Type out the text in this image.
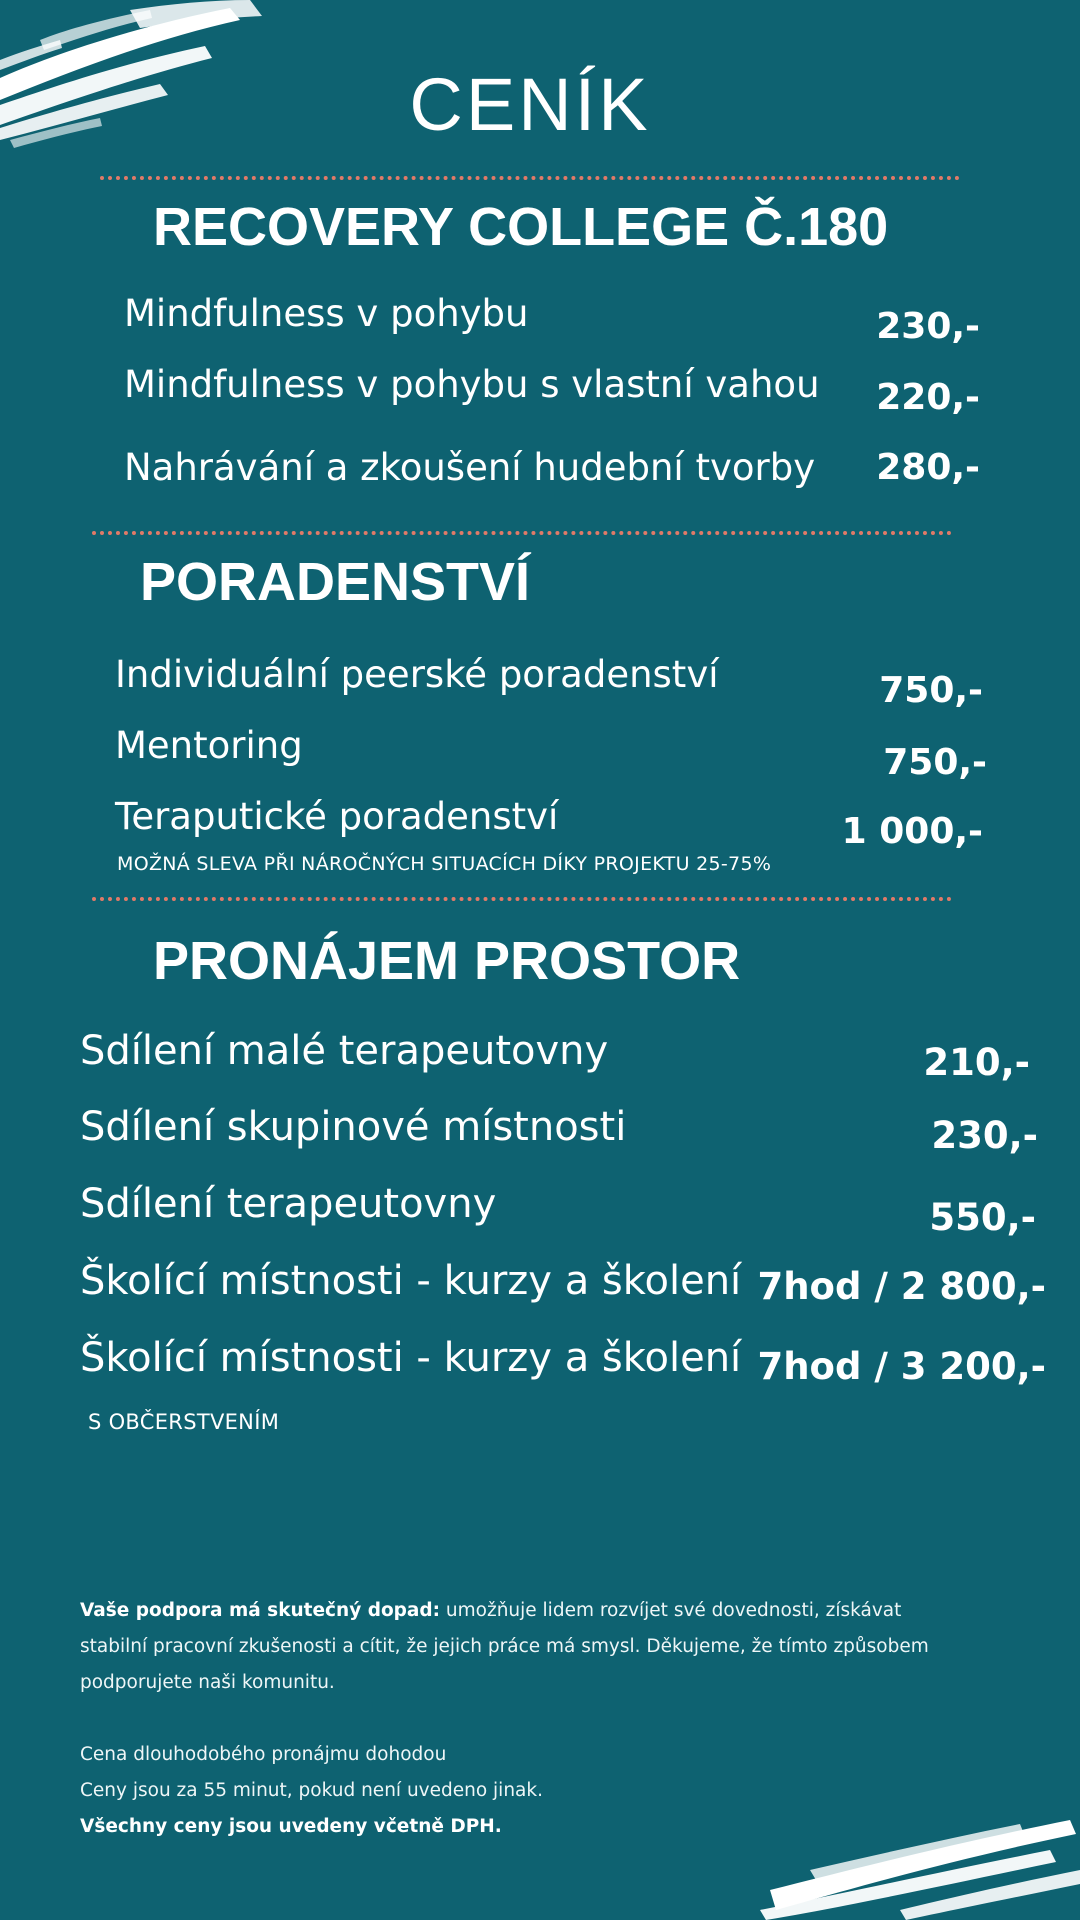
CENÍK
RECOVERY COLLEGE Č.180
Mindfulness v pohybu	230,-
Mindfulness v pohybu s vlastní vahou 220,-
Nahrávání a zkoušení hudební tvorby 280,-
PORADENSTVÍ
Individuální peerské poradenství	750,-
Mentoring	750,-
Teraputické poradenství	1 000,-
MOŽNÁ SLEVA PŘI NÁROČNÝCH SITUACÍCH DÍKY PROJEKTU 25-75%
PRONÁJEM PROSTOR
Sdílení malé terapeutovny	210,-
Sdílení skupinové místnosti	230,-
Sdílení terapeutovny	550,-
Školící místnosti - kurzy a školení 7hod / 2 800,-
Školící místnosti - kurzy a školení 7hod / 3 200,-
S OBČERSTVENÍM
Vaše podpora má skutečný dopad: umožňuje lidem rozvíjet své dovednosti, získávat stabilní pracovní zkušenosti a cítit, že jejich práce má smysl. Děkujeme, že tímto způsobem podporujete naši komunitu.
Cena dlouhodobého pronájmu dohodou
Ceny jsou za 55 minut, pokud není uvedeno jinak.
Všechny ceny jsou uvedeny včetně DPH.
